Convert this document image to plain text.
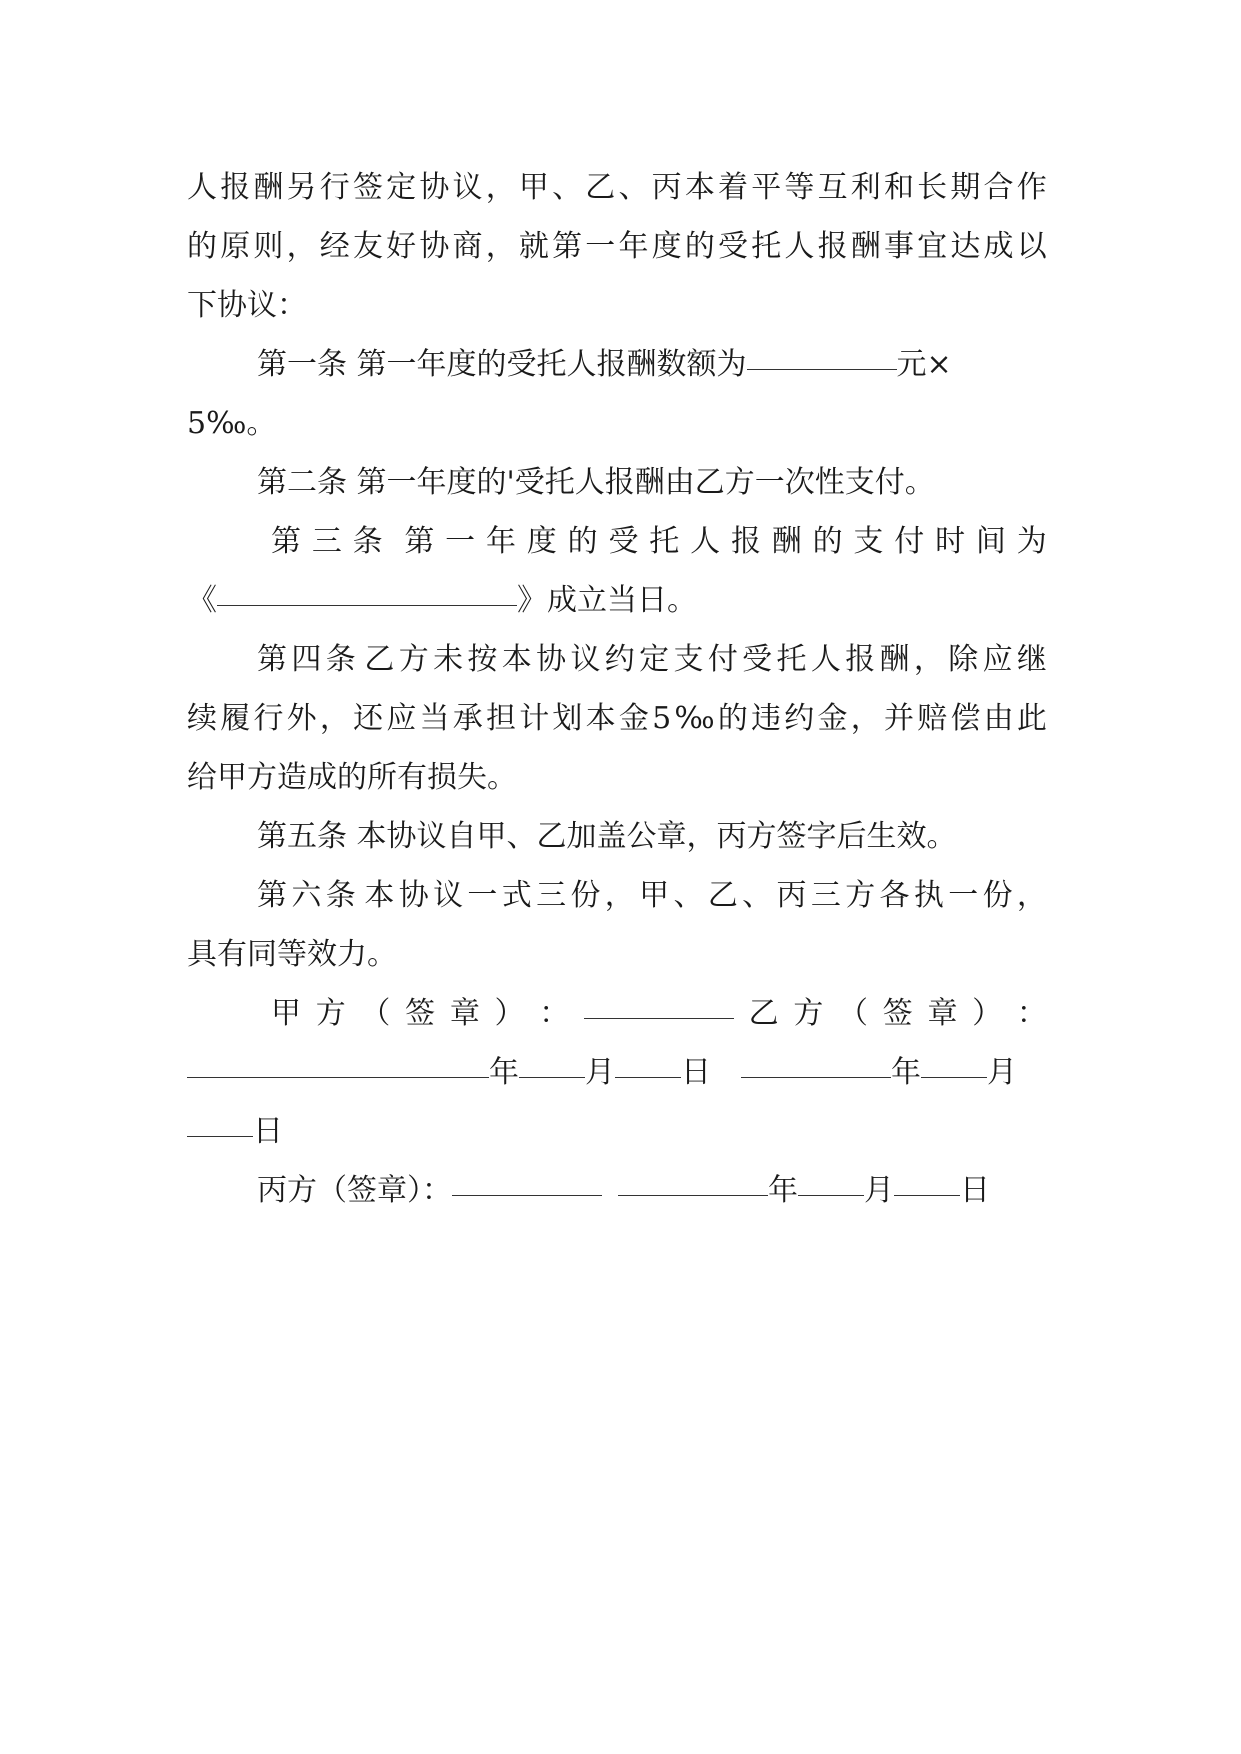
人 报 酬 另 行 签 定 协 议 ， 甲 、 乙 、 丙 本 着 平 等 互 利 和 长 期 合 作
的 原 则 ， 经 友 好 协 商 ， 就 第 一 年 度 的 受 托 人 报 酬 事 宜 达 成 以
下协议：
第一条 第一年度的受托人报酬数额为	元×
5‰。
第二条 第一年度的'受托人报酬由乙方一次性支付。
第 三 条 第 一 年 度 的 受 托 人 报 酬 的 支 付 时 间 为
《	》成立当日。
第 四 条 乙 方 未 按 本 协 议 约 定 支 付 受 托 人 报 酬 ， 除 应 继
续 履 行 外 ， 还 应 当 承 担 计 划 本 金 5 ‰ 的 违 约 金 ， 并 赔 偿 由 此
给甲方造成的所有损失。
第五条 本协议自甲、乙加盖公章，丙方签字后生效。
第 六 条 本 协 议 一 式 三 份 ， 甲 、 乙 、 丙 三 方 各 执 一 份 ，
具有同等效力。
甲 方 （ 签 章 ） ：	乙 方 （ 签 章 ） ：
年 月 日	年 月
日
丙方（签章）：	年 月 日
